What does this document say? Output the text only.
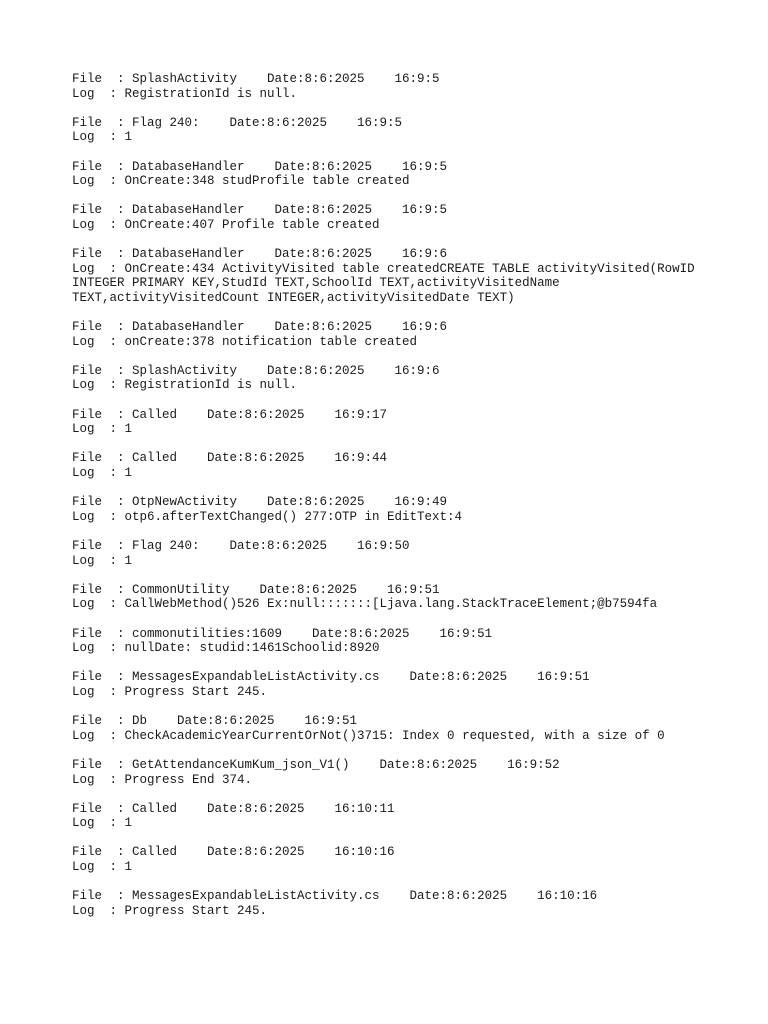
File  : SplashActivity    Date:8:6:2025    16:9:5
Log  : RegistrationId is null.
File  : Flag 240:    Date:8:6:2025    16:9:5
Log  : 1
File  : DatabaseHandler    Date:8:6:2025    16:9:5
Log  : OnCreate:348 studProfile table created
File  : DatabaseHandler    Date:8:6:2025    16:9:5
Log  : OnCreate:407 Profile table created
File  : DatabaseHandler    Date:8:6:2025    16:9:6
Log  : OnCreate:434 ActivityVisited table createdCREATE TABLE activityVisited(RowID
INTEGER PRIMARY KEY,StudId TEXT,SchoolId TEXT,activityVisitedName
TEXT,activityVisitedCount INTEGER,activityVisitedDate TEXT)
File  : DatabaseHandler    Date:8:6:2025    16:9:6
Log  : onCreate:378 notification table created
File  : SplashActivity    Date:8:6:2025    16:9:6
Log  : RegistrationId is null.
File  : Called    Date:8:6:2025    16:9:17
Log  : 1
File  : Called    Date:8:6:2025    16:9:44
Log  : 1
File  : OtpNewActivity    Date:8:6:2025    16:9:49
Log  : otp6.afterTextChanged() 277:OTP in EditText:4
File  : Flag 240:    Date:8:6:2025    16:9:50
Log  : 1
File  : CommonUtility    Date:8:6:2025    16:9:51
Log  : CallWebMethod()526 Ex:null:::::::[Ljava.lang.StackTraceElement;@b7594fa
File  : commonutilities:1609    Date:8:6:2025    16:9:51
Log  : nullDate: studid:1461Schoolid:8920
File  : MessagesExpandableListActivity.cs    Date:8:6:2025    16:9:51
Log  : Progress Start 245.
File  : Db    Date:8:6:2025    16:9:51
Log  : CheckAcademicYearCurrentOrNot()3715: Index 0 requested, with a size of 0
File  : GetAttendanceKumKum_json_V1()    Date:8:6:2025    16:9:52
Log  : Progress End 374.
File  : Called    Date:8:6:2025    16:10:11
Log  : 1
File  : Called    Date:8:6:2025    16:10:16
Log  : 1
File  : MessagesExpandableListActivity.cs    Date:8:6:2025    16:10:16
Log  : Progress Start 245.
